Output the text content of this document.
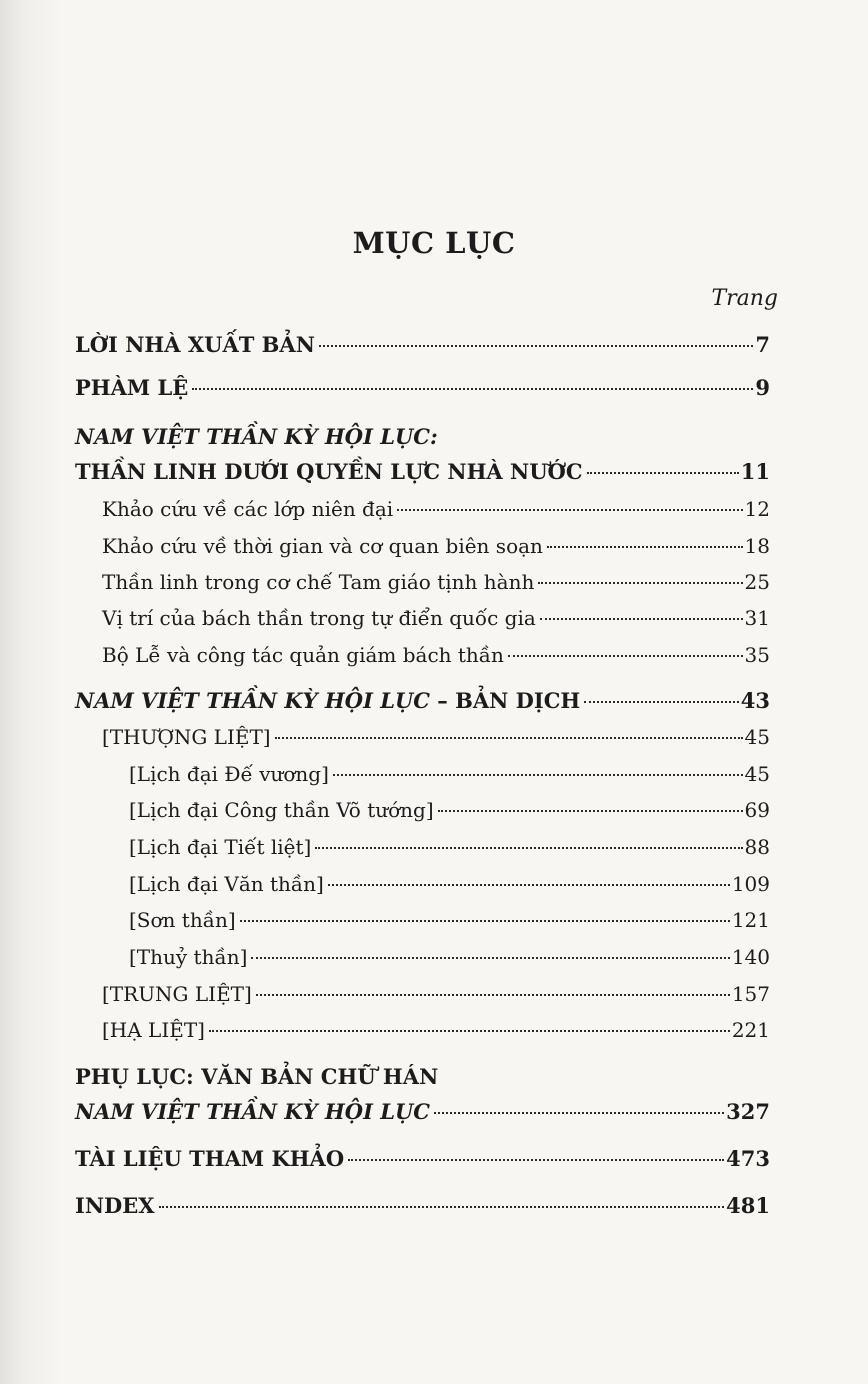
MỤC LỤC
Trang
LỜI NHÀ XUẤT BẢN	7
PHÀM LỆ	9
NAM VIỆT THẦN KỲ HỘI LỤC:
THẦN LINH DƯỚI QUYỀN LỰC NHÀ NƯỚC	11
Khảo cứu về các lớp niên đại	12
Khảo cứu về thời gian và cơ quan biên soạn	18
Thần linh trong cơ chế Tam giáo tịnh hành	25
Vị trí của bách thần trong tự điển quốc gia	31
Bộ Lễ và công tác quản giám bách thần	35
NAM VIỆT THẦN KỲ HỘI LỤC – BẢN DỊCH	43
[THƯỢNG LIỆT]	45
[Lịch đại Đế vương]	45
[Lịch đại Công thần Võ tướng]	69
[Lịch đại Tiết liệt]	88
[Lịch đại Văn thần]	109
[Sơn thần]	121
[Thuỷ thần]	140
[TRUNG LIỆT]	157
[HẠ LIỆT]	221
PHỤ LỤC: VĂN BẢN CHỮ HÁN
NAM VIỆT THẦN KỲ HỘI LỤC	327
TÀI LIỆU THAM KHẢO	473
INDEX	481
